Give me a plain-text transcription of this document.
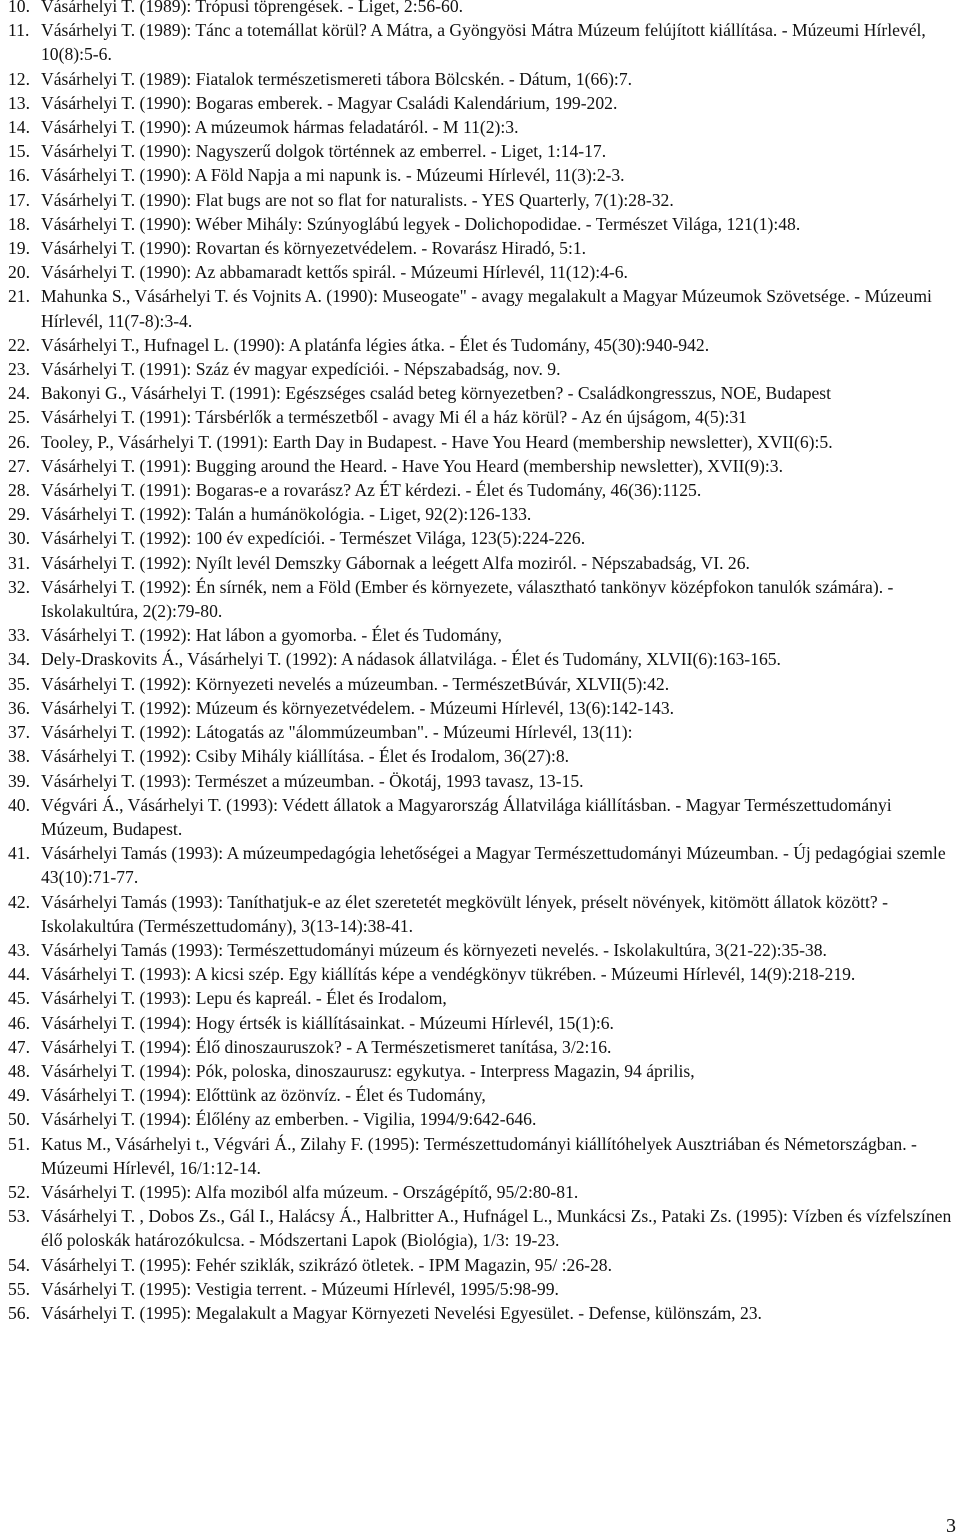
10. Vásárhelyi T. (1989): Trópusi töprengések. - Liget, 2:56-60.
11. Vásárhelyi T. (1989): Tánc a totemállat körül? A Mátra, a Gyöngyösi Mátra Múzeum felújított kiállítása. - Múzeumi Hírlevél, 10(8):5-6.
12. Vásárhelyi T. (1989): Fiatalok természetismereti tábora Bölcskén. - Dátum, 1(66):7.
13. Vásárhelyi T. (1990): Bogaras emberek. - Magyar Családi Kalendárium, 199-202.
14. Vásárhelyi T. (1990): A múzeumok hármas feladatáról. - M 11(2):3.
15. Vásárhelyi T. (1990): Nagyszerű dolgok történnek az emberrel. - Liget, 1:14-17.
16. Vásárhelyi T. (1990): A Föld Napja a mi napunk is. - Múzeumi Hírlevél, 11(3):2-3.
17. Vásárhelyi T. (1990): Flat bugs are not so flat for naturalists. - YES Quarterly, 7(1):28-32.
18. Vásárhelyi T. (1990): Wéber Mihály: Szúnyoglábú legyek - Dolichopodidae. - Természet Világa, 121(1):48.
19. Vásárhelyi T. (1990): Rovartan és környezetvédelem. - Rovarász Hiradó, 5:1.
20. Vásárhelyi T. (1990): Az abbamaradt kettős spirál. - Múzeumi Hírlevél, 11(12):4-6.
21. Mahunka S., Vásárhelyi T. és Vojnits A. (1990): Museogate" - avagy megalakult a Magyar Múzeumok Szövetsége. - Múzeumi Hírlevél, 11(7-8):3-4.
22. Vásárhelyi T., Hufnagel L. (1990): A platánfa légies átka. - Élet és Tudomány, 45(30):940-942.
23. Vásárhelyi T. (1991): Száz év magyar expedíciói. - Népszabadság, nov. 9.
24. Bakonyi G., Vásárhelyi T. (1991): Egészséges család beteg környezetben? - Családkongresszus, NOE, Budapest
25. Vásárhelyi T. (1991): Társbérlők a természetből - avagy Mi él a ház körül? - Az én újságom, 4(5):31
26. Tooley, P., Vásárhelyi T. (1991): Earth Day in Budapest. - Have You Heard (membership newsletter), XVII(6):5.
27. Vásárhelyi T. (1991): Bugging around the Heard. - Have You Heard (membership newsletter), XVII(9):3.
28. Vásárhelyi T. (1991): Bogaras-e a rovarász? Az ÉT kérdezi. - Élet és Tudomány, 46(36):1125.
29. Vásárhelyi T. (1992): Talán a humánökológia. - Liget, 92(2):126-133.
30. Vásárhelyi T. (1992): 100 év expedíciói. - Természet Világa, 123(5):224-226.
31. Vásárhelyi T. (1992): Nyílt levél Demszky Gábornak a leégett Alfa moziról. - Népszabadság, VI. 26.
32. Vásárhelyi T. (1992): Én sírnék, nem a Föld (Ember és környezete, választható tankönyv középfokon tanulók számára). - Iskolakultúra, 2(2):79-80.
33. Vásárhelyi T. (1992): Hat lábon a gyomorba. - Élet és Tudomány,
34. Dely-Draskovits Á., Vásárhelyi T. (1992): A nádasok állatvilága. - Élet és Tudomány, XLVII(6):163-165.
35. Vásárhelyi T. (1992): Környezeti nevelés a múzeumban. - TermészetBúvár, XLVII(5):42.
36. Vásárhelyi T. (1992): Múzeum és környezetvédelem. - Múzeumi Hírlevél, 13(6):142-143.
37. Vásárhelyi T. (1992): Látogatás az "álommúzeumban". - Múzeumi Hírlevél, 13(11):
38. Vásárhelyi T. (1992): Csiby Mihály kiállítása. - Élet és Irodalom, 36(27):8.
39. Vásárhelyi T. (1993): Természet a múzeumban. - Ökotáj, 1993 tavasz, 13-15.
40. Végvári Á., Vásárhelyi T. (1993): Védett állatok a Magyarország Állatvilága kiállításban. - Magyar Természettudományi Múzeum, Budapest.
41. Vásárhelyi Tamás (1993): A múzeumpedagógia lehetőségei a Magyar Természettudományi Múzeumban. - Új pedagógiai szemle 43(10):71-77.
42. Vásárhelyi Tamás (1993): Taníthatjuk-e az élet szeretetét megkövült lények, préselt növények, kitömött állatok között? - Iskolakultúra (Természettudomány), 3(13-14):38-41.
43. Vásárhelyi Tamás (1993): Természettudományi múzeum és környezeti nevelés. - Iskolakultúra, 3(21-22):35-38.
44. Vásárhelyi T. (1993): A kicsi szép. Egy kiállítás képe a vendégkönyv tükrében. - Múzeumi Hírlevél, 14(9):218-219.
45. Vásárhelyi T. (1993): Lepu és kapreál. - Élet és Irodalom,
46. Vásárhelyi T. (1994): Hogy értsék is kiállításainkat. - Múzeumi Hírlevél, 15(1):6.
47. Vásárhelyi T. (1994): Élő dinoszauruszok? - A Természetismeret tanítása, 3/2:16.
48. Vásárhelyi T. (1994): Pók, poloska, dinoszaurusz: egykutya. - Interpress Magazin, 94 április,
49. Vásárhelyi T. (1994): Előttünk az özönvíz. - Élet és Tudomány,
50. Vásárhelyi T. (1994): Élőlény az emberben. - Vigilia, 1994/9:642-646.
51. Katus M., Vásárhelyi t., Végvári Á., Zilahy F. (1995): Természettudományi kiállítóhelyek Ausztriában és Németországban. - Múzeumi Hírlevél, 16/1:12-14.
52. Vásárhelyi T. (1995): Alfa moziból alfa múzeum. - Országépítő, 95/2:80-81.
53. Vásárhelyi T. , Dobos Zs., Gál I., Halácsy Á., Halbritter A., Hufnágel L., Munkácsi Zs., Pataki Zs. (1995): Vízben és vízfelszínen élő poloskák határozókulcsa. - Módszertani Lapok (Biológia), 1/3: 19-23.
54. Vásárhelyi T. (1995): Fehér sziklák, szikrázó ötletek. - IPM Magazin, 95/ :26-28.
55. Vásárhelyi T. (1995): Vestigia terrent. - Múzeumi Hírlevél, 1995/5:98-99.
56. Vásárhelyi T. (1995): Megalakult a Magyar Környezeti Nevelési Egyesület. - Defense, különszám, 23.
3
